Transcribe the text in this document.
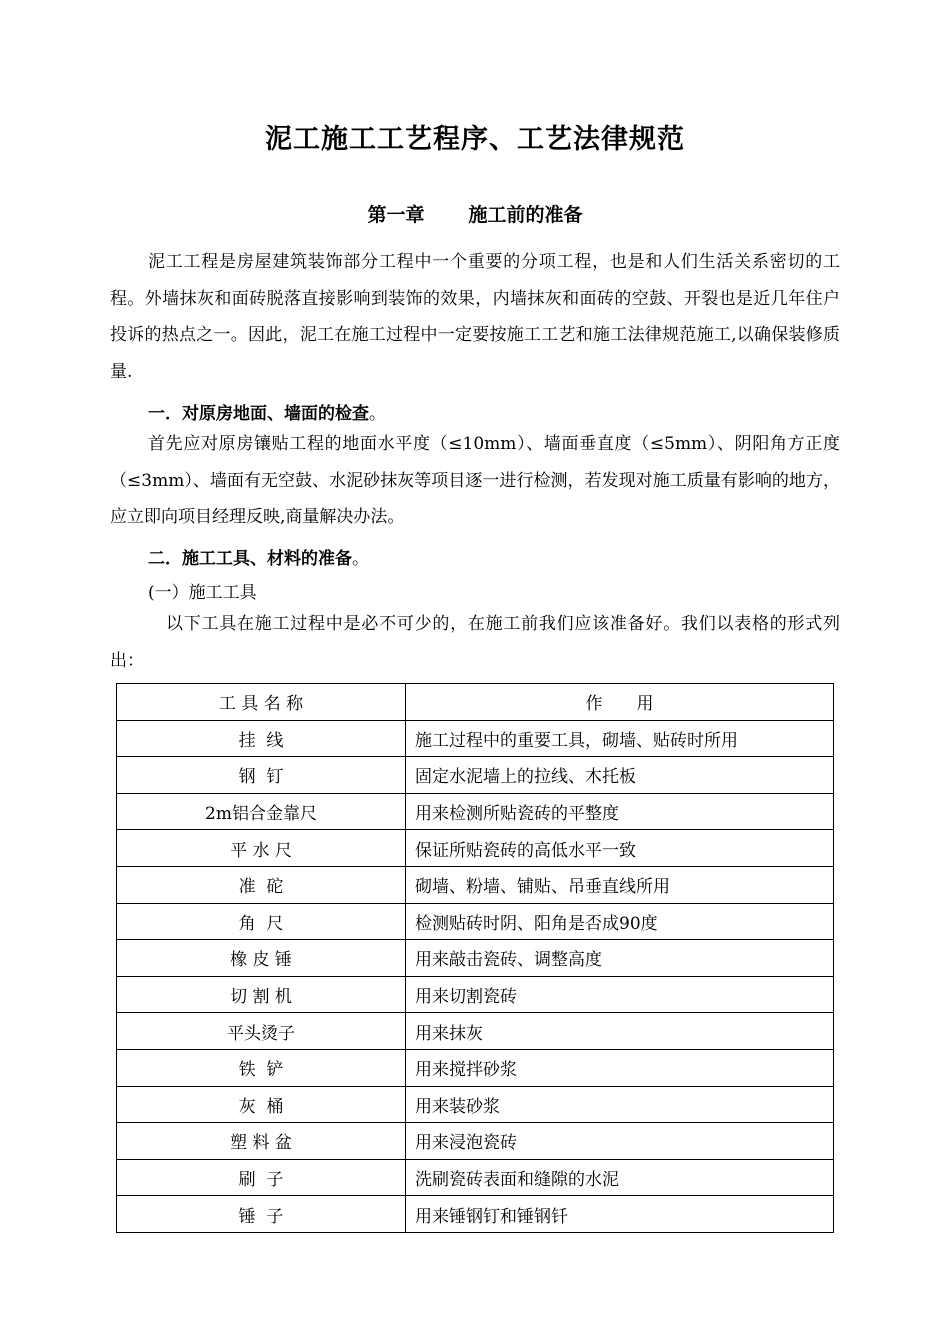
泥工施工工艺程序、工艺法律规范
第一章 施工前的准备
泥工工程是房屋建筑装饰部分工程中一个重要的分项工程，也是和人们生活关系密切的工程。外墙抹灰和面砖脱落直接影响到装饰的效果，内墙抹灰和面砖的空鼓、开裂也是近几年住户投诉的热点之一。因此，泥工在施工过程中一定要按施工工艺和施工法律规范施工,以确保装修质量.
一．对原房地面、墙面的检查。
首先应对原房镶贴工程的地面水平度（≤10mm）、墙面垂直度（≤5mm）、阴阳角方正度（≤3mm）、墙面有无空鼓、水泥砂抹灰等项目逐一进行检测，若发现对施工质量有影响的地方，应立即向项目经理反映,商量解决办法。
二．施工工具、材料的准备。
(一）施工工具
以下工具在施工过程中是必不可少的，在施工前我们应该准备好。我们以表格的形式列出：
工 具 名 称	作　　用
挂  线	施工过程中的重要工具，砌墙、贴砖时所用
钢  钉	固定水泥墙上的拉线、木托板
2m铝合金靠尺	用来检测所贴瓷砖的平整度
平 水 尺	保证所贴瓷砖的高低水平一致
准  砣	砌墙、粉墙、铺贴、吊垂直线所用
角  尺	检测贴砖时阴、阳角是否成90度
橡 皮 锤	用来敲击瓷砖、调整高度
切 割 机	用来切割瓷砖
平头烫子	用来抹灰
铁  铲	用来搅拌砂浆
灰  桶	用来装砂浆
塑 料 盆	用来浸泡瓷砖
刷  子	洗刷瓷砖表面和缝隙的水泥
锤  子	用来锤钢钉和锤钢钎
